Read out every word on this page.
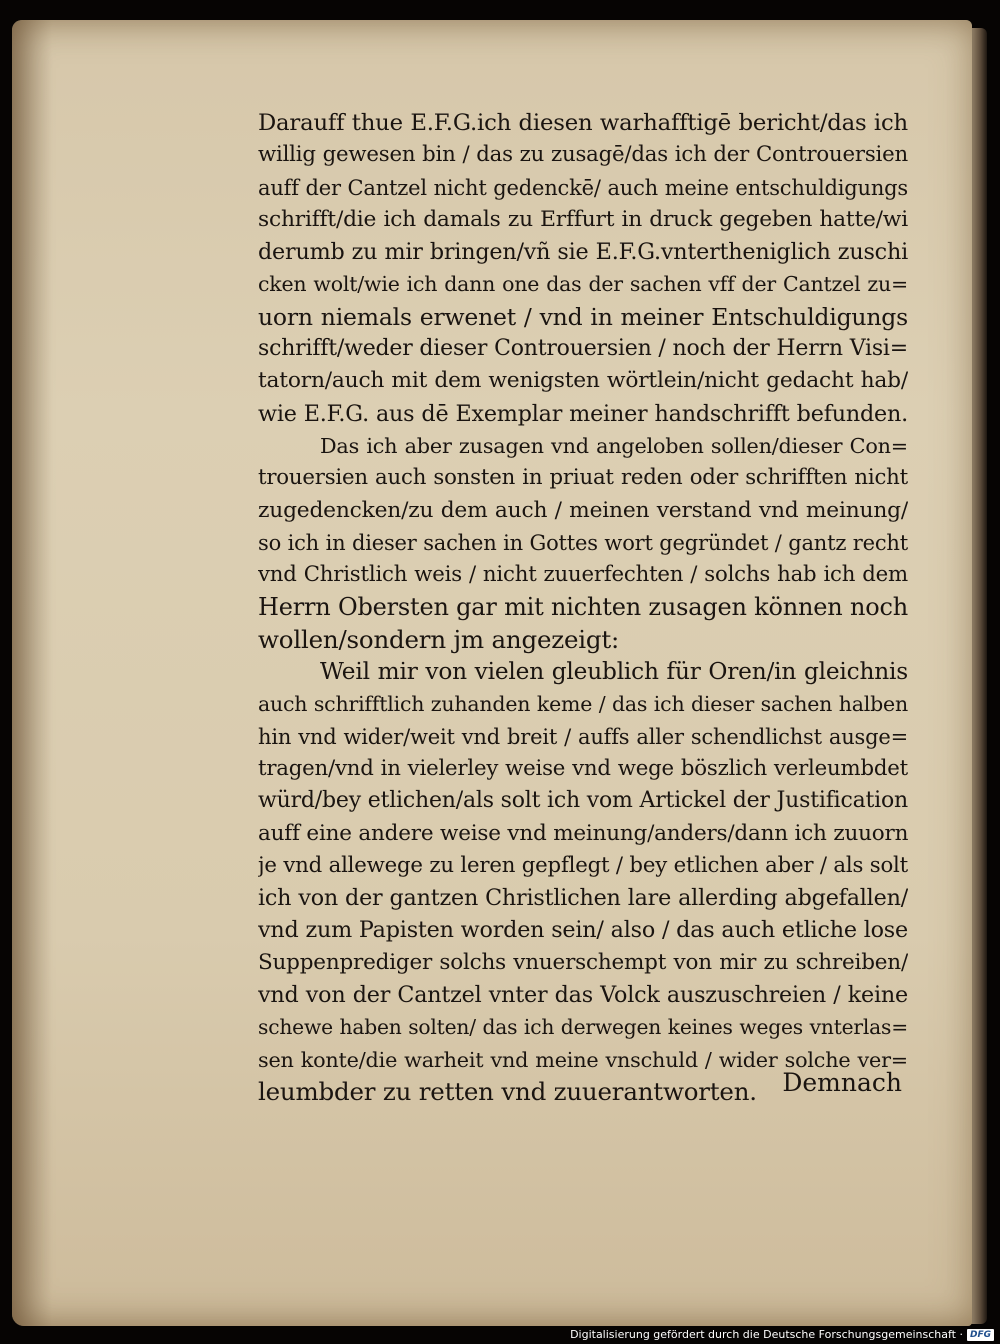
Darauff thue E.F.G.ich diesen warhafftigē bericht/das ich
willig gewesen bin / das zu zusagē/das ich der Controuersien
auff der Cantzel nicht gedenckē/ auch meine entschuldigungs
schrifft/die ich damals zu Erffurt in druck gegeben hatte/wi
derumb zu mir bringen/vñ sie E.F.G.vntertheniglich zuschi
cken wolt/wie ich dann one das der sachen vff der Cantzel zu=
uorn niemals erwenet / vnd in meiner Entschuldigungs
schrifft/weder dieser Controuersien / noch der Herrn Visi=
tatorn/auch mit dem wenigsten wörtlein/nicht gedacht hab/
wie E.F.G. aus dē Exemplar meiner handschrifft befunden.
Das ich aber zusagen vnd angeloben sollen/dieser Con=
trouersien auch sonsten in priuat reden oder schrifften nicht
zugedencken/zu dem auch / meinen verstand vnd meinung/
so ich in dieser sachen in Gottes wort gegründet / gantz recht
vnd Christlich weis / nicht zuuerfechten / solchs hab ich dem
Herrn Obersten gar mit nichten zusagen können noch
wollen/sondern jm angezeigt:
Weil mir von vielen gleublich für Oren/in gleichnis
auch schrifftlich zuhanden keme / das ich dieser sachen halben
hin vnd wider/weit vnd breit / auffs aller schendlichst ausge=
tragen/vnd in vielerley weise vnd wege böszlich verleumbdet
würd/bey etlichen/als solt ich vom Artickel der Justification
auff eine andere weise vnd meinung/anders/dann ich zuuorn
je vnd allewege zu leren gepflegt / bey etlichen aber / als solt
ich von der gantzen Christlichen lare allerding abgefallen/
vnd zum Papisten worden sein/ also / das auch etliche lose
Suppenprediger solchs vnuerschempt von mir zu schreiben/
vnd von der Cantzel vnter das Volck auszuschreien / keine
schewe haben solten/ das ich derwegen keines weges vnterlas=
sen konte/die warheit vnd meine vnschuld / wider solche ver=
leumbder zu retten vnd zuuerantworten.	Demnach
Digitalisierung gefördert durch die Deutsche Forschungsgemeinschaft · DFG
